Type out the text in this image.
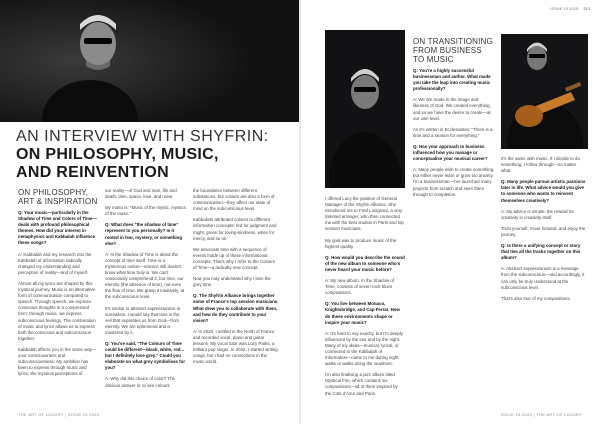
AN INTERVIEW WITH SHYFRIN:
ON PHILOSOPHY, MUSIC,
AND REINVENTION

ON PHILOSOPHY, ART & INSPIRATION

Q: Your music—particularly in the Shadow of Time and Colors of Time—deals with profound philosophical themes. How did your interest in metaphysics and Kabbalah influence these songs?

A: Kabbalah and my research into the Kabbalah of Information radically changed my understanding and perception of reality—and of myself.

Almost all my lyrics are shaped by this mystical journey. Music is an alternative form of communication compared to speech. Through speech, we express conscious thoughts in a compressed form; through music, we express subconscious feelings. The combination of music and lyrics allows us to express both the conscious and subconscious together.

Kabbalah affects you in the same way—your consciousness and subconsciousness. My ambition has been to express through music and lyrics, the mystical perceptions of

our reality—of God and man, life and death, time, space, love, and more.

My motto is: "Music of the mystic, mystics of the music."

Q: What does "the shadow of time" represent to you personally? Is it rooted in fear, mystery, or something else?

A: In the Shadow of Time is about the concept of time itself. Time is a mysterious notion—science still doesn't know what time truly is. We can't consciously comprehend it, but time, our eternity (the absence of time), not even the flow of time. We grasp it intuitively, at the subconscious level.

It's similar to abstract expressionism or surrealism. I would say that time is the veil that separates us from God—from eternity. We are ephemeral and is mastered by it.

Q: You've said, "The Colours of Time could be different—black, white, red... but I definitely love grey." Could you elaborate on what grey symbolises for you?

A: Why did this choice of color? The obvious answer is: to see colours

the boundaries between different substances, but colours are also a form of communication—they affect our state of mind on the subconscious level.

Kabbalists attributed colours to different information concepts: red for judgment and might, green for loving-kindness, white for mercy, and so on.

We associate time with a sequence of events made up of these informational concepts. That's why I refer to the Colours of Time—a radically new concept.

Now you may understand why I love the grey time.

Q: The Shyfrin Alliance brings together some of France's top session musicians. What drew you to collaborate with them, and how do they contribute to your vision?

A: In 2020, I settled in the North of France and recorded vocal, piano and guitar lessons. My vocal tutor was Lucy Parks, a brilliant pop singer. In 2022, I started writing songs, but I had no connections in the music world.

THE ART OF LUXURY | ISSUE 19 2025
ISSUE 19 2025 313

I offered Lucy the position of General Manager of the Shyfrin Alliance. She introduced me to Fred Lucignani, a very talented arranger, who then connected me with the best studios in Paris and top session musicians.

My goal was to produce music of the highest quality.

Q: How would you describe the sound of the new album to someone who's never heard your music before?

A: My new album, In the Shadow of Time, consists of seven rock-blues compositions.

Q: You live between Monaco, Knightsbridge, and Cap Ferrat. How do these environments shape or inspire your music?

A: It's hard to say exactly, but I'm deeply influenced by the sea and by the night. Many of my ideas—musical, lyrical, or connected to the Kabbalah of Information—came to me during night walks or walks along the seashore.

I'm also finalising a jazz album titled Mystical Fire, which contains six compositions—all of them inspired by the Cote d'Azur and Paris.

ON TRANSITIONING FROM BUSINESS TO MUSIC

Q: You're a highly successful businessman and author. What made you take the leap into creating music professionally?

A: We are made in the image and likeness of God. We created everything, and so we have the desire to create—at our own level.

As it's written in Ecclesiastes: "There is a time and a season for everything."

Q: Has your approach to business influenced how you manage or conceptualise your musical career?

A: Many people wish to create something, but either never learn or grow too anxiety. I'm a businessman—I've launched many projects from scratch and seen them through to completion.

It's the same with music. If I decide to do something, I follow through—no matter what.

Q: Many people pursue artistic passions later in life. What advice would you give to someone who wants to reinvent themselves creatively?

A: My advice is simple: the reward for creativity is creativity itself.

Trust yourself, move forward, and enjoy the journey.

Q: Is there a unifying concept or story that ties all the tracks together on this album?

A: Abstract expressionism is a message from the subconscious—and accordingly, it can only be truly understood at the subconscious level.

That's also true of my compositions.

ISSUE 19 2025 | THE ART OF LUXURY
